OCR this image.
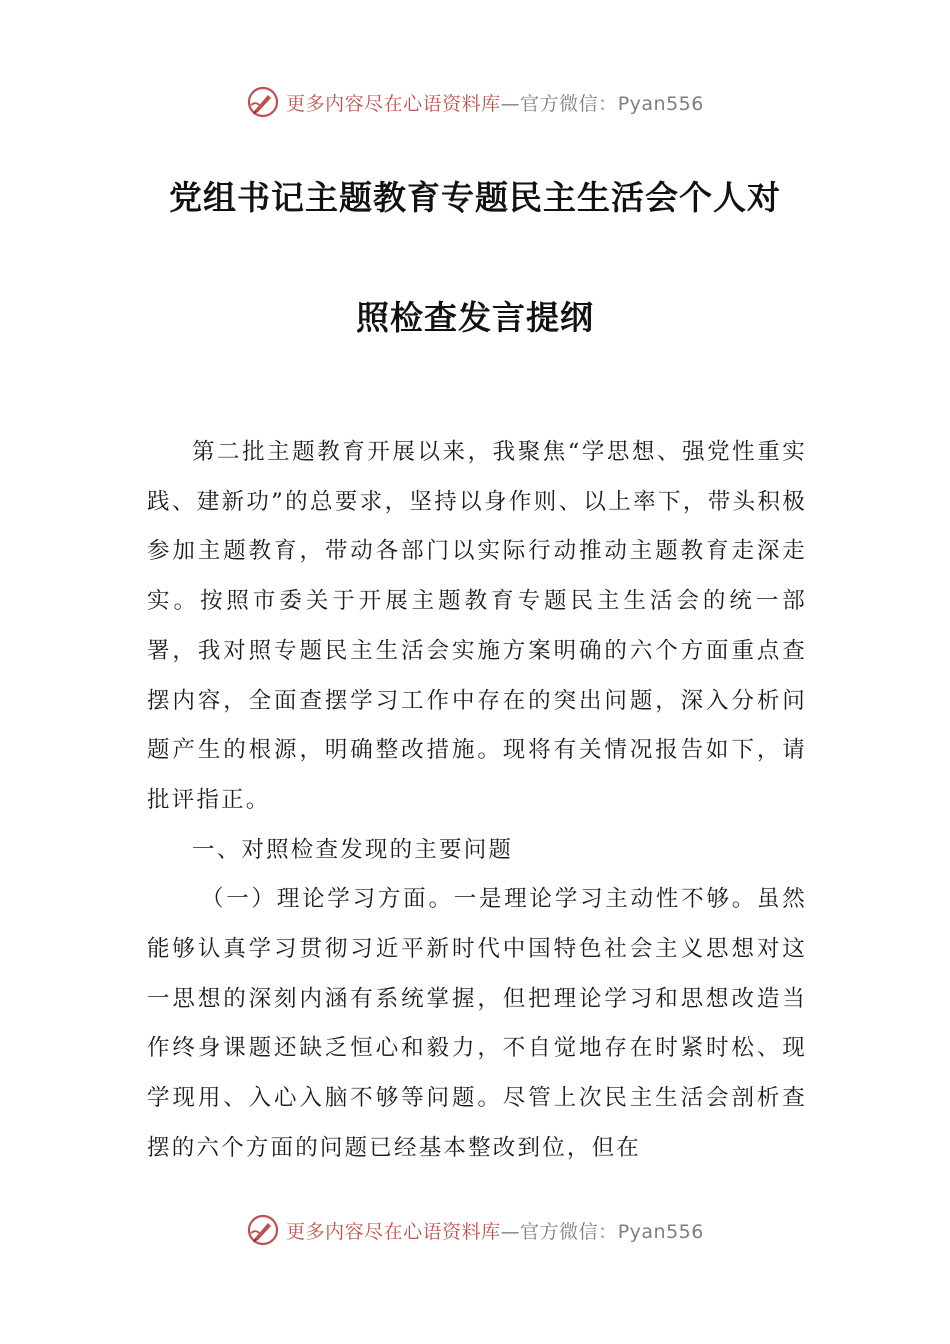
更多内容尽在心语资料库—官方微信：Pyan556
党组书记主题教育专题民主生活会个人对
照检查发言提纲

第二批主题教育开展以来，我聚焦“学思想、强党性重实践、建新功”的总要求，坚持以身作则、以上率下，带头积极参加主题教育，带动各部门以实际行动推动主题教育走深走实。按照市委关于开展主题教育专题民主生活会的统一部署，我对照专题民主生活会实施方案明确的六个方面重点查摆内容，全面查摆学习工作中存在的突出问题，深入分析问题产生的根源，明确整改措施。现将有关情况报告如下，请批评指正。

一、对照检查发现的主要问题

（一）理论学习方面。一是理论学习主动性不够。虽然能够认真学习贯彻习近平新时代中国特色社会主义思想对这一思想的深刻内涵有系统掌握，但把理论学习和思想改造当作终身课题还缺乏恒心和毅力，不自觉地存在时紧时松、现学现用、入心入脑不够等问题。尽管上次民主生活会剖析查摆的六个方面的问题已经基本整改到位，但在

更多内容尽在心语资料库—官方微信：Pyan556
